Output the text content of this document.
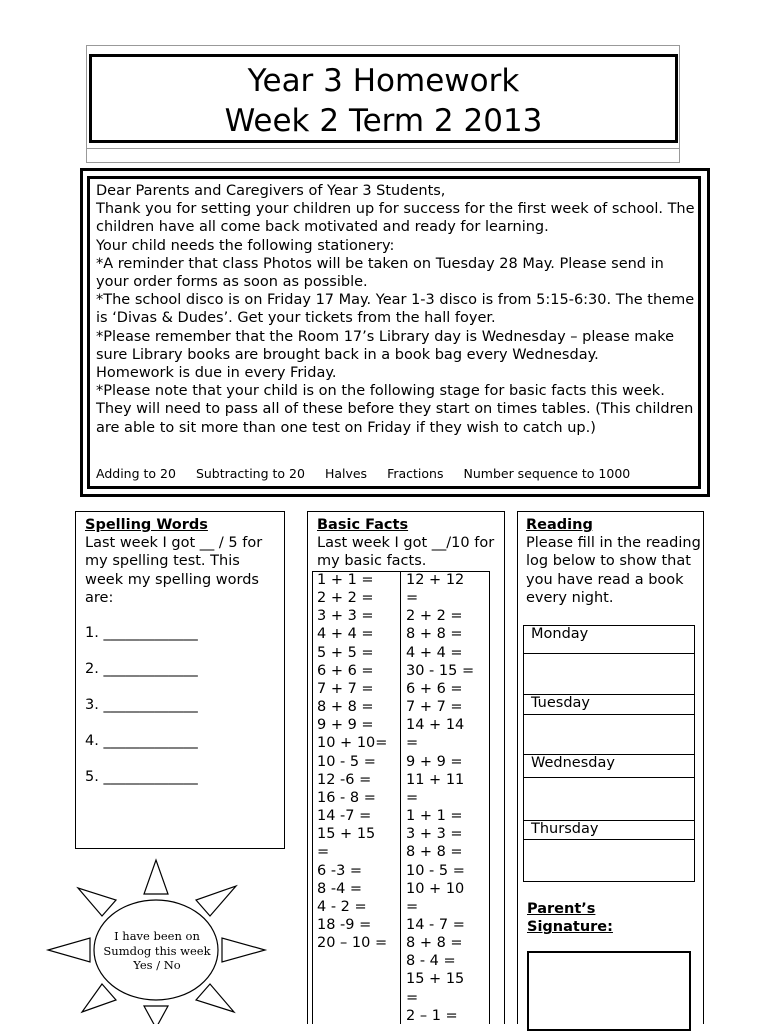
Year 3 Homework
Week 2 Term 2 2013
Dear Parents and Caregivers of Year 3 Students,
Thank you for setting your children up for success for the first week of school. The children have all come back motivated and ready for learning.
Your child needs the following stationery:
*A reminder that class Photos will be taken on Tuesday 28 May. Please send in your order forms as soon as possible.
*The school disco is on Friday 17 May. Year 1-3 disco is from 5:15-6:30. The theme is ‘Divas & Dudes’. Get your tickets from the hall foyer.
*Please remember that the Room 17’s Library day is Wednesday – please make sure Library books are brought back in a book bag every Wednesday.
Homework is due in every Friday.
*Please note that your child is on the following stage for basic facts this week. They will need to pass all of these before they start on times tables. (This children are able to sit more than one test on Friday if they wish to catch up.)
Adding to 20 Subtracting to 20 Halves Fractions Number sequence to 1000
Spelling Words
Last week I got __ / 5 for my spelling test. This week my spelling words are:
1. _____________
2. _____________
3. _____________
4. _____________
5. _____________
I have been on
Sumdog this week
Yes / No
Basic Facts
Last week I got __/10 for my basic facts.
1 + 1 =
2 + 2 =
3 + 3 =
4 + 4 =
5 + 5 =
6 + 6 =
7 + 7 =
8 + 8 =
9 + 9 =
10 + 10=
10 - 5 =
12 -6 =
16 - 8 =
14 -7 =
15 + 15
=
6 -3 =
8 -4 =
4 - 2 =
18 -9 =
20 – 10 =
12 + 12
=
2 + 2 =
8 + 8 =
4 + 4 =
30 - 15 =
6 + 6 =
7 + 7 =
14 + 14
=
9 + 9 =
11 + 11
=
1 + 1 =
3 + 3 =
8 + 8 =
10 - 5 =
10 + 10
=
14 - 7 =
8 + 8 =
8 - 4 =
15 + 15
=
2 – 1 =
Reading
Please fill in the reading log below to show that you have read a book every night.
Monday
Tuesday
Wednesday
Thursday
Parent’s Signature:
